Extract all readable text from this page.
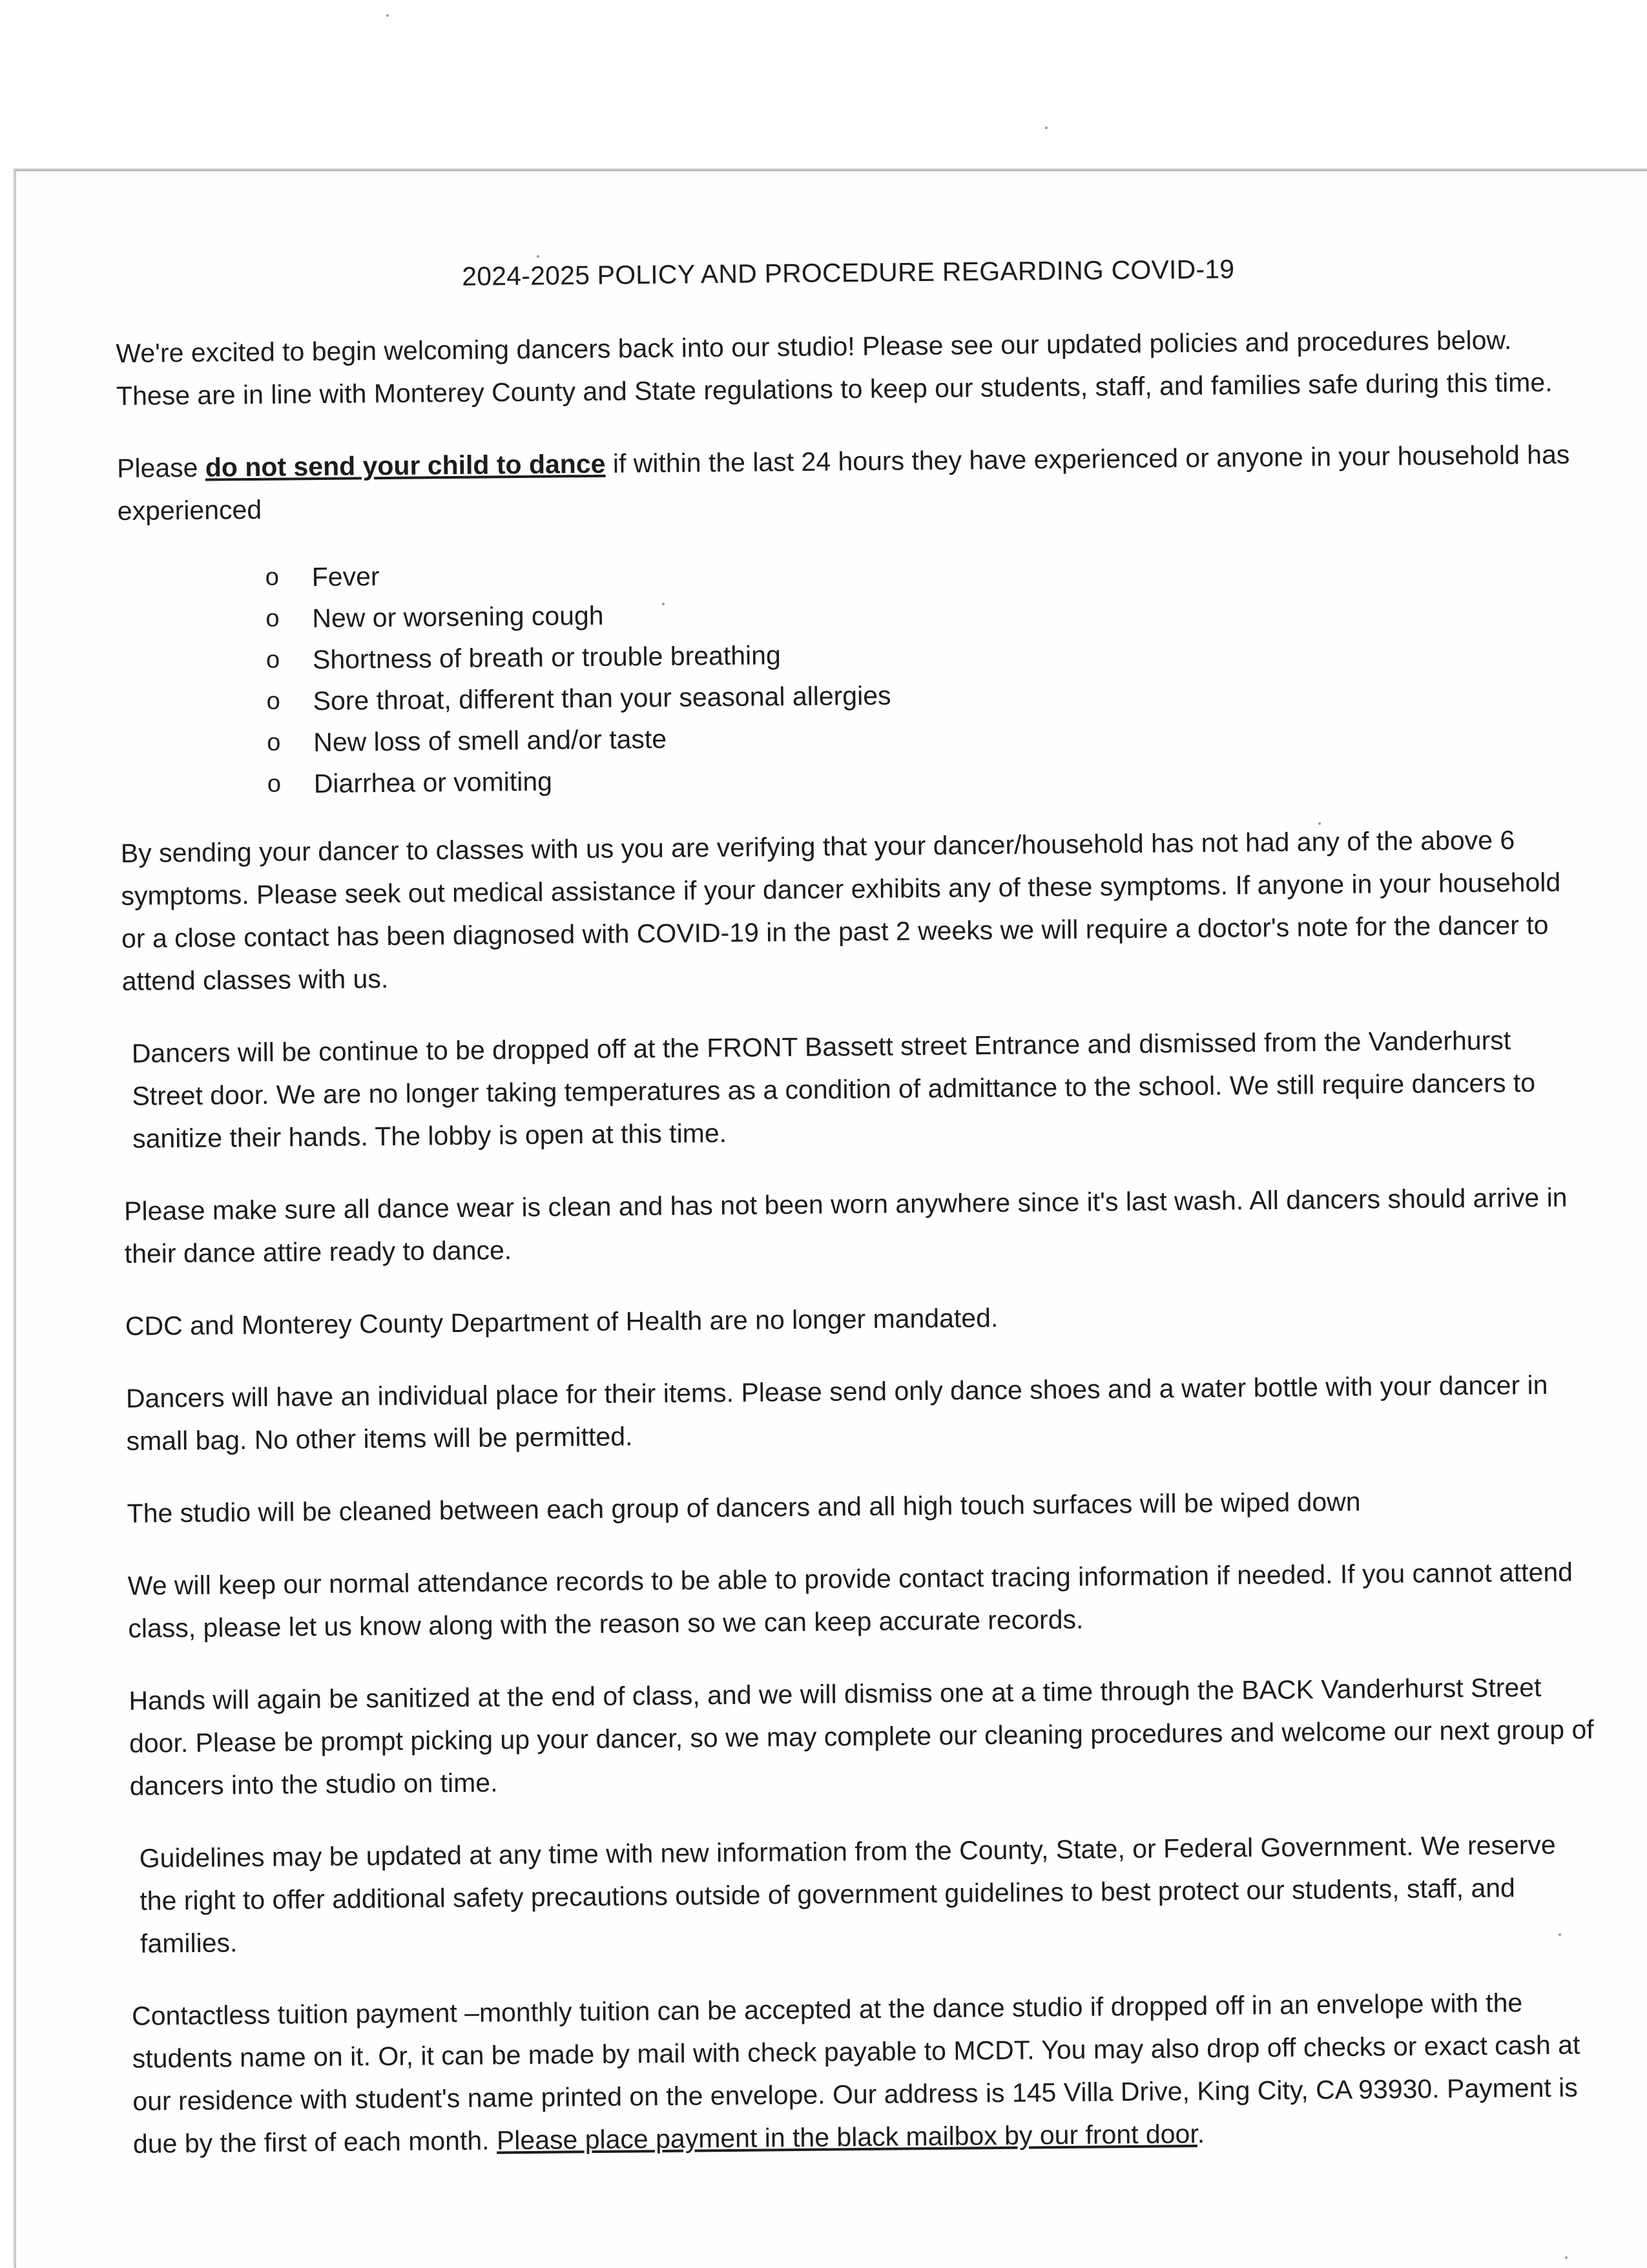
2024-2025 POLICY AND PROCEDURE REGARDING COVID-19

We're excited to begin welcoming dancers back into our studio! Please see our updated policies and procedures below. These are in line with Monterey County and State regulations to keep our students, staff, and families safe during this time.

Please do not send your child to dance if within the last 24 hours they have experienced or anyone in your household has experienced

o Fever
o New or worsening cough
o Shortness of breath or trouble breathing
o Sore throat, different than your seasonal allergies
o New loss of smell and/or taste
o Diarrhea or vomiting

By sending your dancer to classes with us you are verifying that your dancer/household has not had any of the above 6 symptoms. Please seek out medical assistance if your dancer exhibits any of these symptoms. If anyone in your household or a close contact has been diagnosed with COVID-19 in the past 2 weeks we will require a doctor's note for the dancer to attend classes with us.

Dancers will be continue to be dropped off at the FRONT Bassett street Entrance and dismissed from the Vanderhurst Street door. We are no longer taking temperatures as a condition of admittance to the school. We still require dancers to sanitize their hands. The lobby is open at this time.

Please make sure all dance wear is clean and has not been worn anywhere since it's last wash. All dancers should arrive in their dance attire ready to dance.

CDC and Monterey County Department of Health are no longer mandated.

Dancers will have an individual place for their items. Please send only dance shoes and a water bottle with your dancer in small bag. No other items will be permitted.

The studio will be cleaned between each group of dancers and all high touch surfaces will be wiped down

We will keep our normal attendance records to be able to provide contact tracing information if needed. If you cannot attend class, please let us know along with the reason so we can keep accurate records.

Hands will again be sanitized at the end of class, and we will dismiss one at a time through the BACK Vanderhurst Street door. Please be prompt picking up your dancer, so we may complete our cleaning procedures and welcome our next group of dancers into the studio on time.

Guidelines may be updated at any time with new information from the County, State, or Federal Government. We reserve the right to offer additional safety precautions outside of government guidelines to best protect our students, staff, and families.

Contactless tuition payment –monthly tuition can be accepted at the dance studio if dropped off in an envelope with the students name on it. Or, it can be made by mail with check payable to MCDT. You may also drop off checks or exact cash at our residence with student's name printed on the envelope. Our address is 145 Villa Drive, King City, CA 93930. Payment is due by the first of each month. Please place payment in the black mailbox by our front door.
